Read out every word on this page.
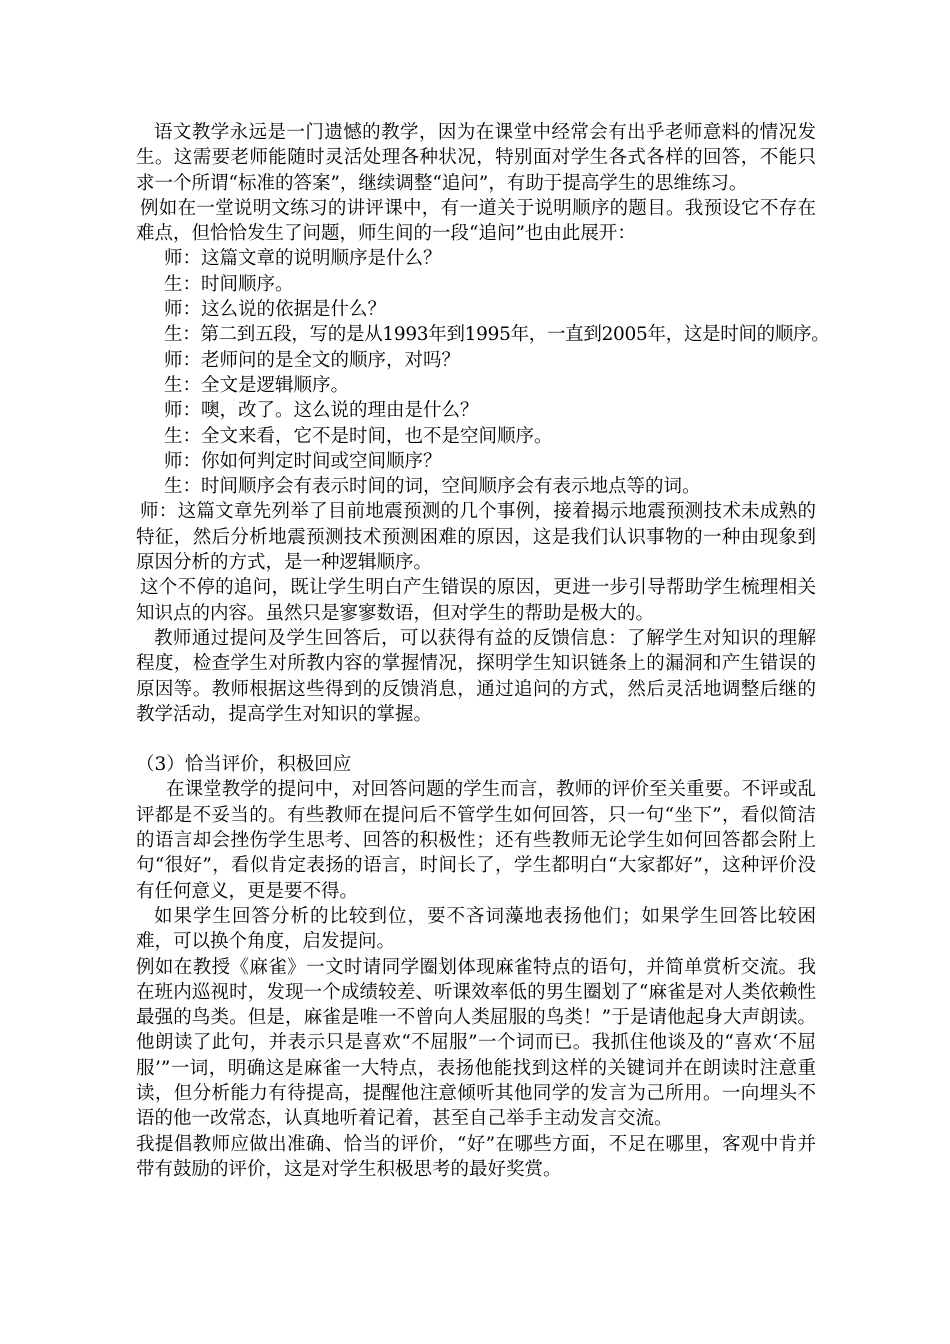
语文教学永远是一门遗憾的教学，因为在课堂中经常会有出乎老师意料的情况发生。这需要老师能随时灵活处理各种状况，特别面对学生各式各样的回答，不能只求一个所谓“标准的答案”，继续调整“追问”，有助于提高学生的思维练习。

例如在一堂说明文练习的讲评课中，有一道关于说明顺序的题目。我预设它不存在难点，但恰恰发生了问题，师生间的一段“追问”也由此展开：

师：这篇文章的说明顺序是什么？

生：时间顺序。

师：这么说的依据是什么？

生：第二到五段，写的是从1993年到1995年，一直到2005年，这是时间的顺序。

师：老师问的是全文的顺序，对吗？

生：全文是逻辑顺序。

师：噢，改了。这么说的理由是什么？

生：全文来看，它不是时间，也不是空间顺序。

师：你如何判定时间或空间顺序？

生：时间顺序会有表示时间的词，空间顺序会有表示地点等的词。

师：这篇文章先列举了目前地震预测的几个事例，接着揭示地震预测技术未成熟的特征，然后分析地震预测技术预测困难的原因，这是我们认识事物的一种由现象到原因分析的方式，是一种逻辑顺序。

这个不停的追问，既让学生明白产生错误的原因，更进一步引导帮助学生梳理相关知识点的内容。虽然只是寥寥数语，但对学生的帮助是极大的。

教师通过提问及学生回答后，可以获得有益的反馈信息：了解学生对知识的理解程度，检查学生对所教内容的掌握情况，探明学生知识链条上的漏洞和产生错误的原因等。教师根据这些得到的反馈消息，通过追问的方式，然后灵活地调整后继的教学活动，提高学生对知识的掌握。

（3）恰当评价，积极回应

在课堂教学的提问中，对回答问题的学生而言，教师的评价至关重要。不评或乱评都是不妥当的。有些教师在提问后不管学生如何回答，只一句“坐下”，看似简洁的语言却会挫伤学生思考、回答的积极性；还有些教师无论学生如何回答都会附上句“很好”，看似肯定表扬的语言，时间长了，学生都明白“大家都好”，这种评价没有任何意义，更是要不得。

如果学生回答分析的比较到位，要不吝词藻地表扬他们；如果学生回答比较困难，可以换个角度，启发提问。

例如在教授《麻雀》一文时请同学圈划体现麻雀特点的语句，并简单赏析交流。我在班内巡视时，发现一个成绩较差、听课效率低的男生圈划了“麻雀是对人类依赖性最强的鸟类。但是，麻雀是唯一不曾向人类屈服的鸟类！”于是请他起身大声朗读。他朗读了此句，并表示只是喜欢“不屈服”一个词而已。我抓住他谈及的“喜欢‘不屈服’”一词，明确这是麻雀一大特点，表扬他能找到这样的关键词并在朗读时注意重读，但分析能力有待提高，提醒他注意倾听其他同学的发言为己所用。一向埋头不语的他一改常态，认真地听着记着，甚至自己举手主动发言交流。

我提倡教师应做出准确、恰当的评价，“好”在哪些方面，不足在哪里，客观中肯并带有鼓励的评价，这是对学生积极思考的最好奖赏。
